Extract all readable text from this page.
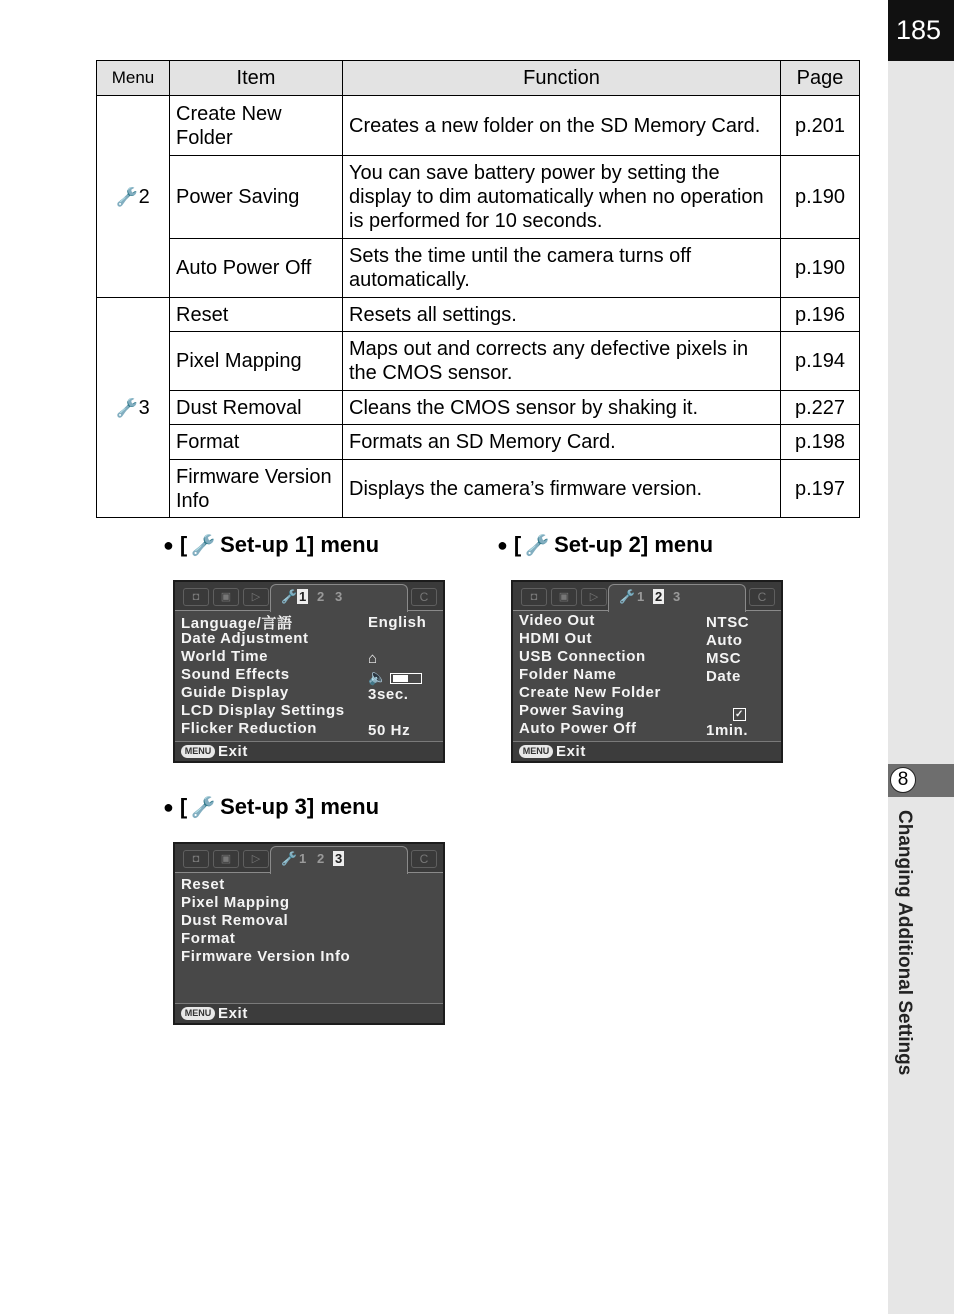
185
8
Changing Additional Settings
Menu	Item	Function	Page
🔧2	Create New Folder	Creates a new folder on the SD Memory Card.	p.201
	Power Saving	You can save battery power by setting the display to dim automatically when no operation is performed for 10 seconds.	p.190
	Auto Power Off	Sets the time until the camera turns off automatically.	p.190
🔧3	Reset	Resets all settings.	p.196
	Pixel Mapping	Maps out and corrects any defective pixels in the CMOS sensor.	p.194
	Dust Removal	Cleans the CMOS sensor by shaking it.	p.227
	Format	Formats an SD Memory Card.	p.198
	Firmware Version Info	Displays the camera’s firmware version.	p.197
● [ 🔧 Set-up 1] menu
◘	▣	▷	🔧 1 2 3	C
Language/言語	English
Date Adjustment
World Time	⌂
Sound Effects	🔈
Guide Display	3sec.
LCD Display Settings
Flicker Reduction	50 Hz
MENU Exit
● [ 🔧 Set-up 2] menu
◘	▣	▷	🔧 1 2 3	C
Video Out	NTSC
HDMI Out	Auto
USB Connection	MSC
Folder Name	Date
Create New Folder
Power Saving	✓
Auto Power Off	1min.
MENU Exit
● [ 🔧 Set-up 3] menu
◘	▣	▷	🔧 1 2 3	C
Reset
Pixel Mapping
Dust Removal
Format
Firmware Version Info
MENU Exit
